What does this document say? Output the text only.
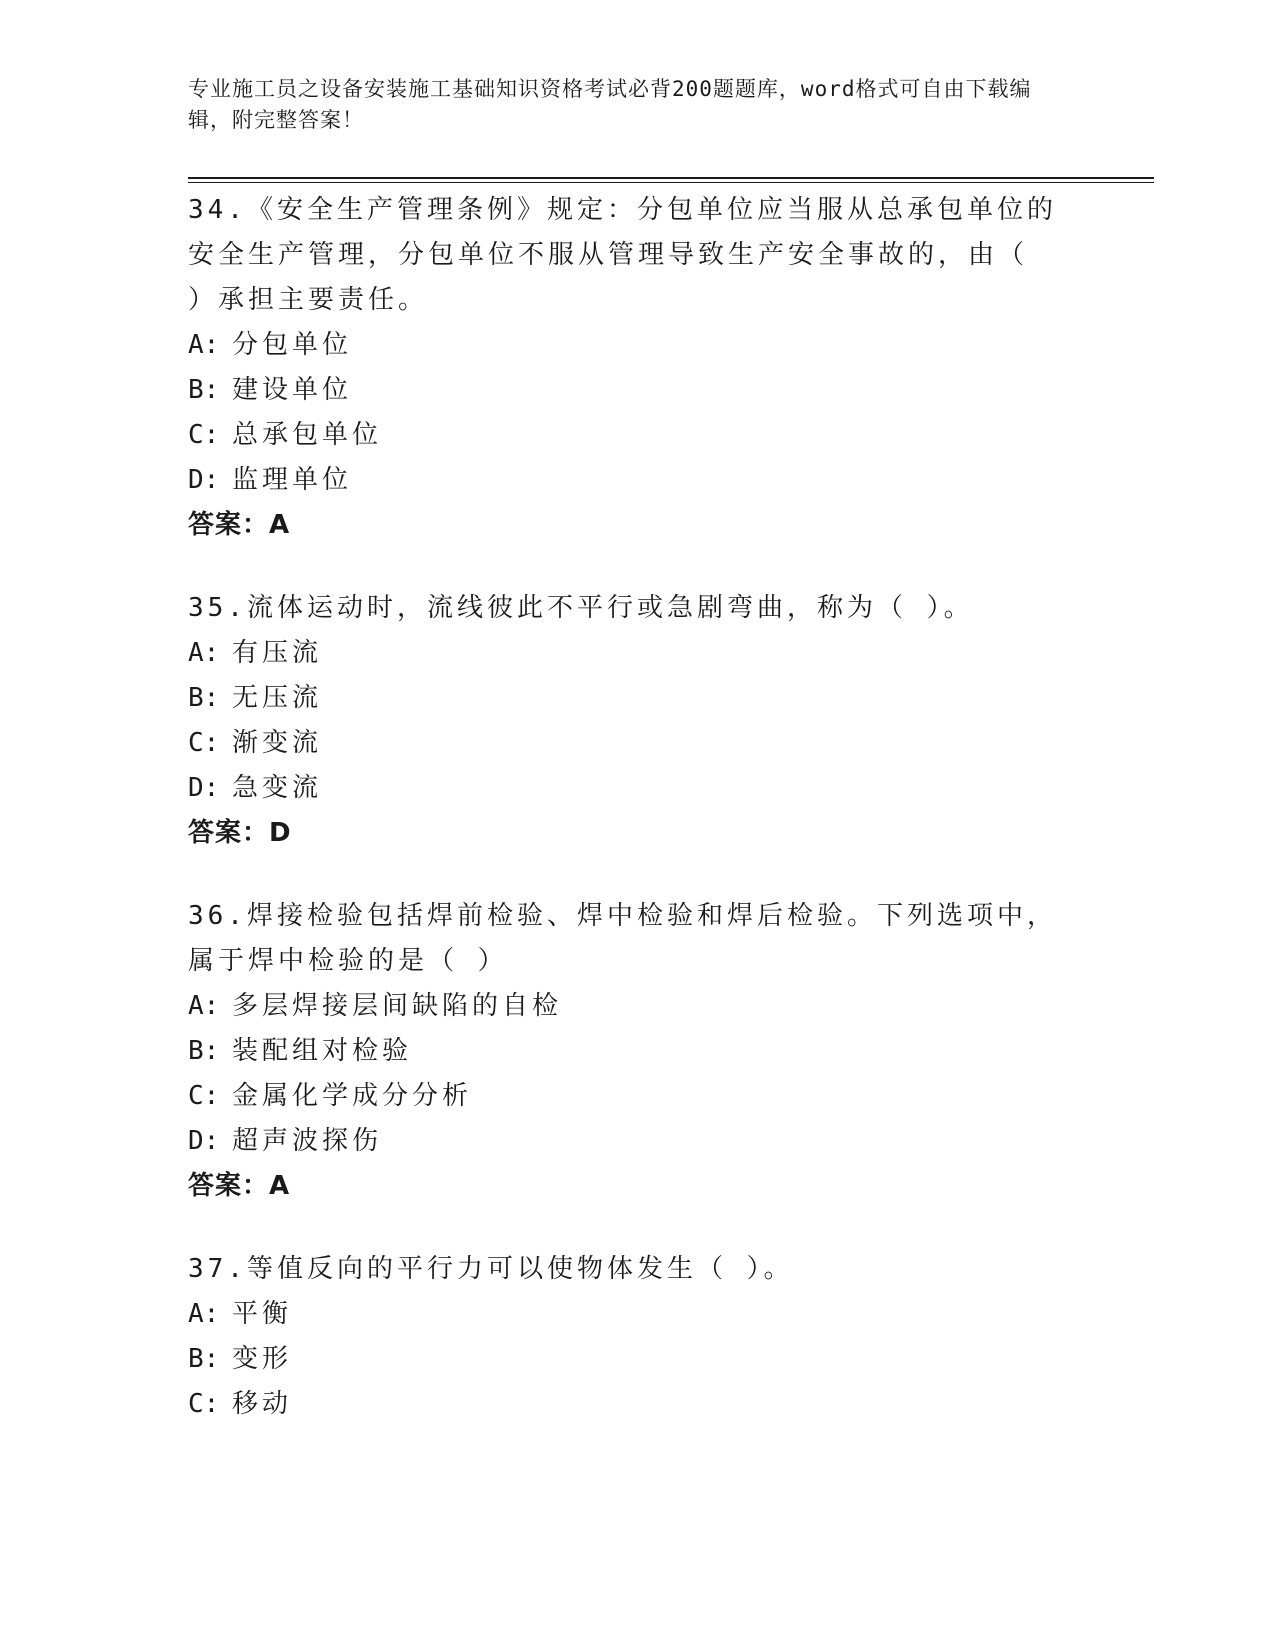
专业施工员之设备安装施工基础知识资格考试必背200题题库，word格式可自由下载编辑，附完整答案！

34.《安全生产管理条例》规定：分包单位应当服从总承包单位的安全生产管理，分包单位不服从管理导致生产安全事故的，由（ ）承担主要责任。

A: 分包单位

B: 建设单位

C: 总承包单位

D: 监理单位

答案：A

35.流体运动时，流线彼此不平行或急剧弯曲，称为（ ）。

A: 有压流

B: 无压流

C: 渐变流

D: 急变流

答案：D

36.焊接检验包括焊前检验、焊中检验和焊后检验。下列选项中，属于焊中检验的是（ ）

A: 多层焊接层间缺陷的自检

B: 装配组对检验

C: 金属化学成分分析

D: 超声波探伤

答案：A

37.等值反向的平行力可以使物体发生（ ）。

A: 平衡

B: 变形

C: 移动
